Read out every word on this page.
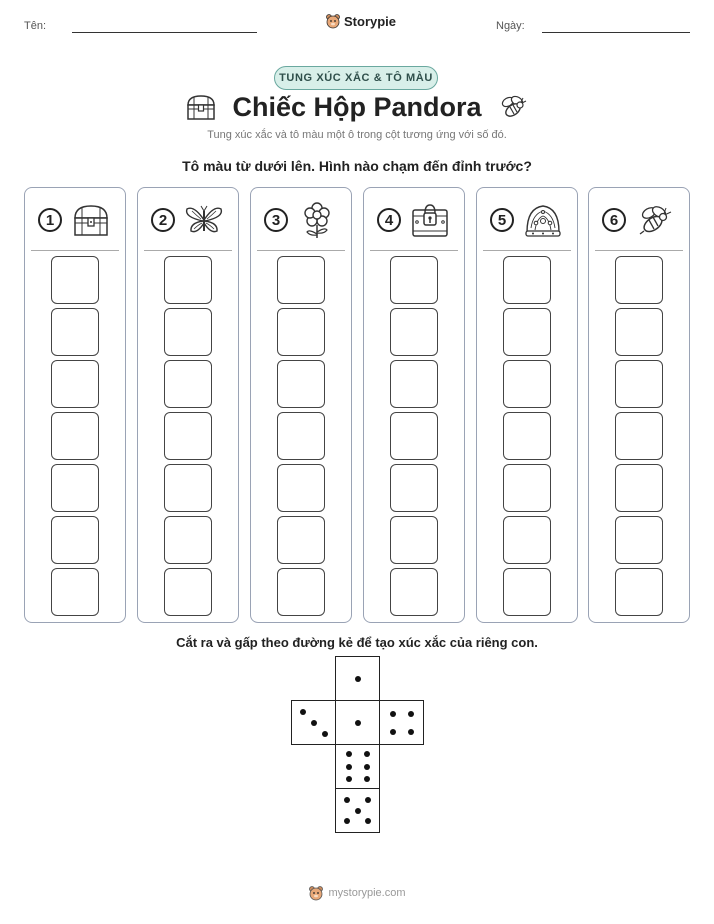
Tên:	Storypie	Ngày:
TUNG XÚC XẮC & TÔ MÀU
Chiếc Hộp Pandora
Tung xúc xắc và tô màu một ô trong cột tương ứng với số đó.
Tô màu từ dưới lên. Hình nào chạm đến đỉnh trước?
1	2	3	4	5	6
Cắt ra và gấp theo đường kẻ để tạo xúc xắc của riêng con.
mystorypie.com
